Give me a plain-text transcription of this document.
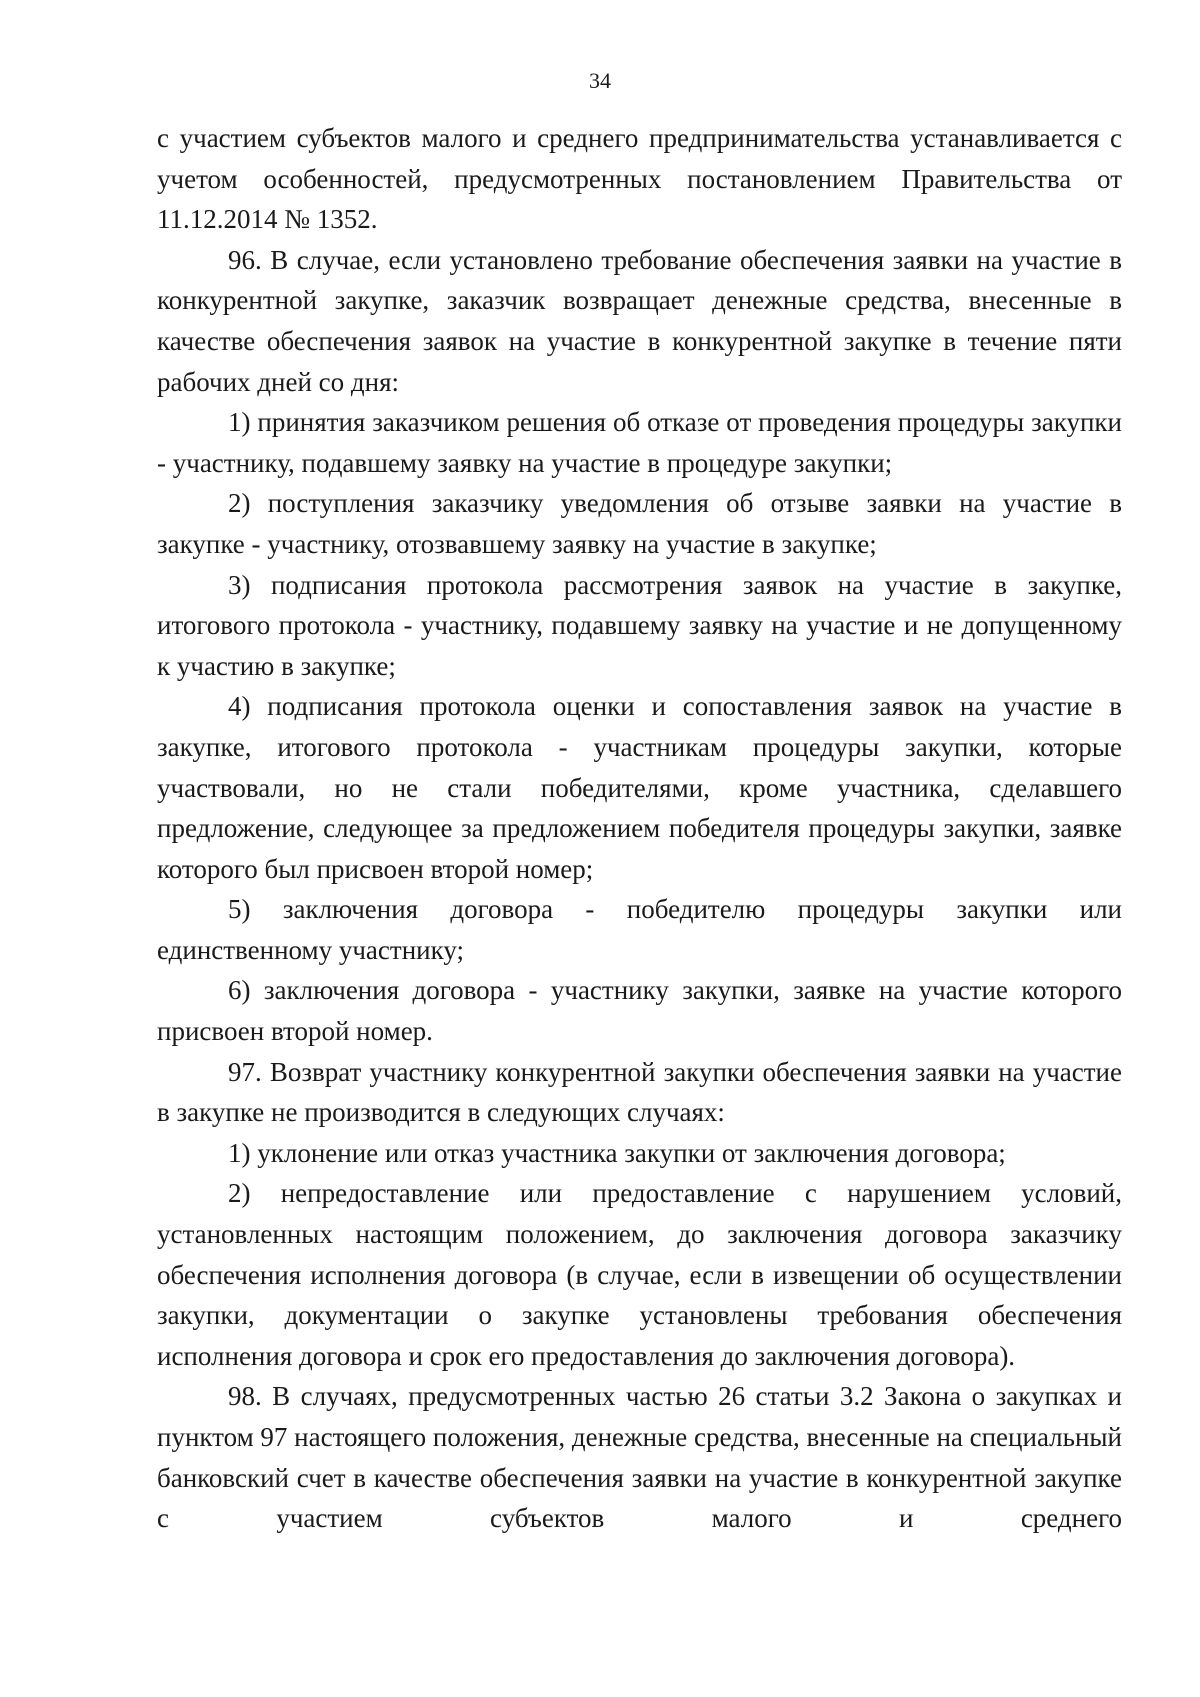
34

с участием субъектов малого и среднего предпринимательства устанавливается с учетом особенностей, предусмотренных постановлением Правительства от 11.12.2014 № 1352.

96. В случае, если установлено требование обеспечения заявки на участие в конкурентной закупке, заказчик возвращает денежные средства, внесенные в качестве обеспечения заявок на участие в конкурентной закупке в течение пяти рабочих дней со дня:

1) принятия заказчиком решения об отказе от проведения процедуры закупки - участнику, подавшему заявку на участие в процедуре закупки;

2) поступления заказчику уведомления об отзыве заявки на участие в закупке - участнику, отозвавшему заявку на участие в закупке;

3) подписания протокола рассмотрения заявок на участие в закупке, итогового протокола - участнику, подавшему заявку на участие и не допущенному к участию в закупке;

4) подписания протокола оценки и сопоставления заявок на участие в закупке, итогового протокола - участникам процедуры закупки, которые участвовали, но не стали победителями, кроме участника, сделавшего предложение, следующее за предложением победителя процедуры закупки, заявке которого был присвоен второй номер;

5) заключения договора - победителю процедуры закупки или единственному участнику;

6) заключения договора - участнику закупки, заявке на участие которого присвоен второй номер.

97. Возврат участнику конкурентной закупки обеспечения заявки на участие в закупке не производится в следующих случаях:

1) уклонение или отказ участника закупки от заключения договора;

2) непредоставление или предоставление с нарушением условий, установленных настоящим положением, до заключения договора заказчику обеспечения исполнения договора (в случае, если в извещении об осуществлении закупки, документации о закупке установлены требования обеспечения исполнения договора и срок его предоставления до заключения договора).

98. В случаях, предусмотренных частью 26 статьи 3.2 Закона о закупках и пунктом 97 настоящего положения, денежные средства, внесенные на специальный банковский счет в качестве обеспечения заявки на участие в конкурентной закупке с участием субъектов малого и среднего
